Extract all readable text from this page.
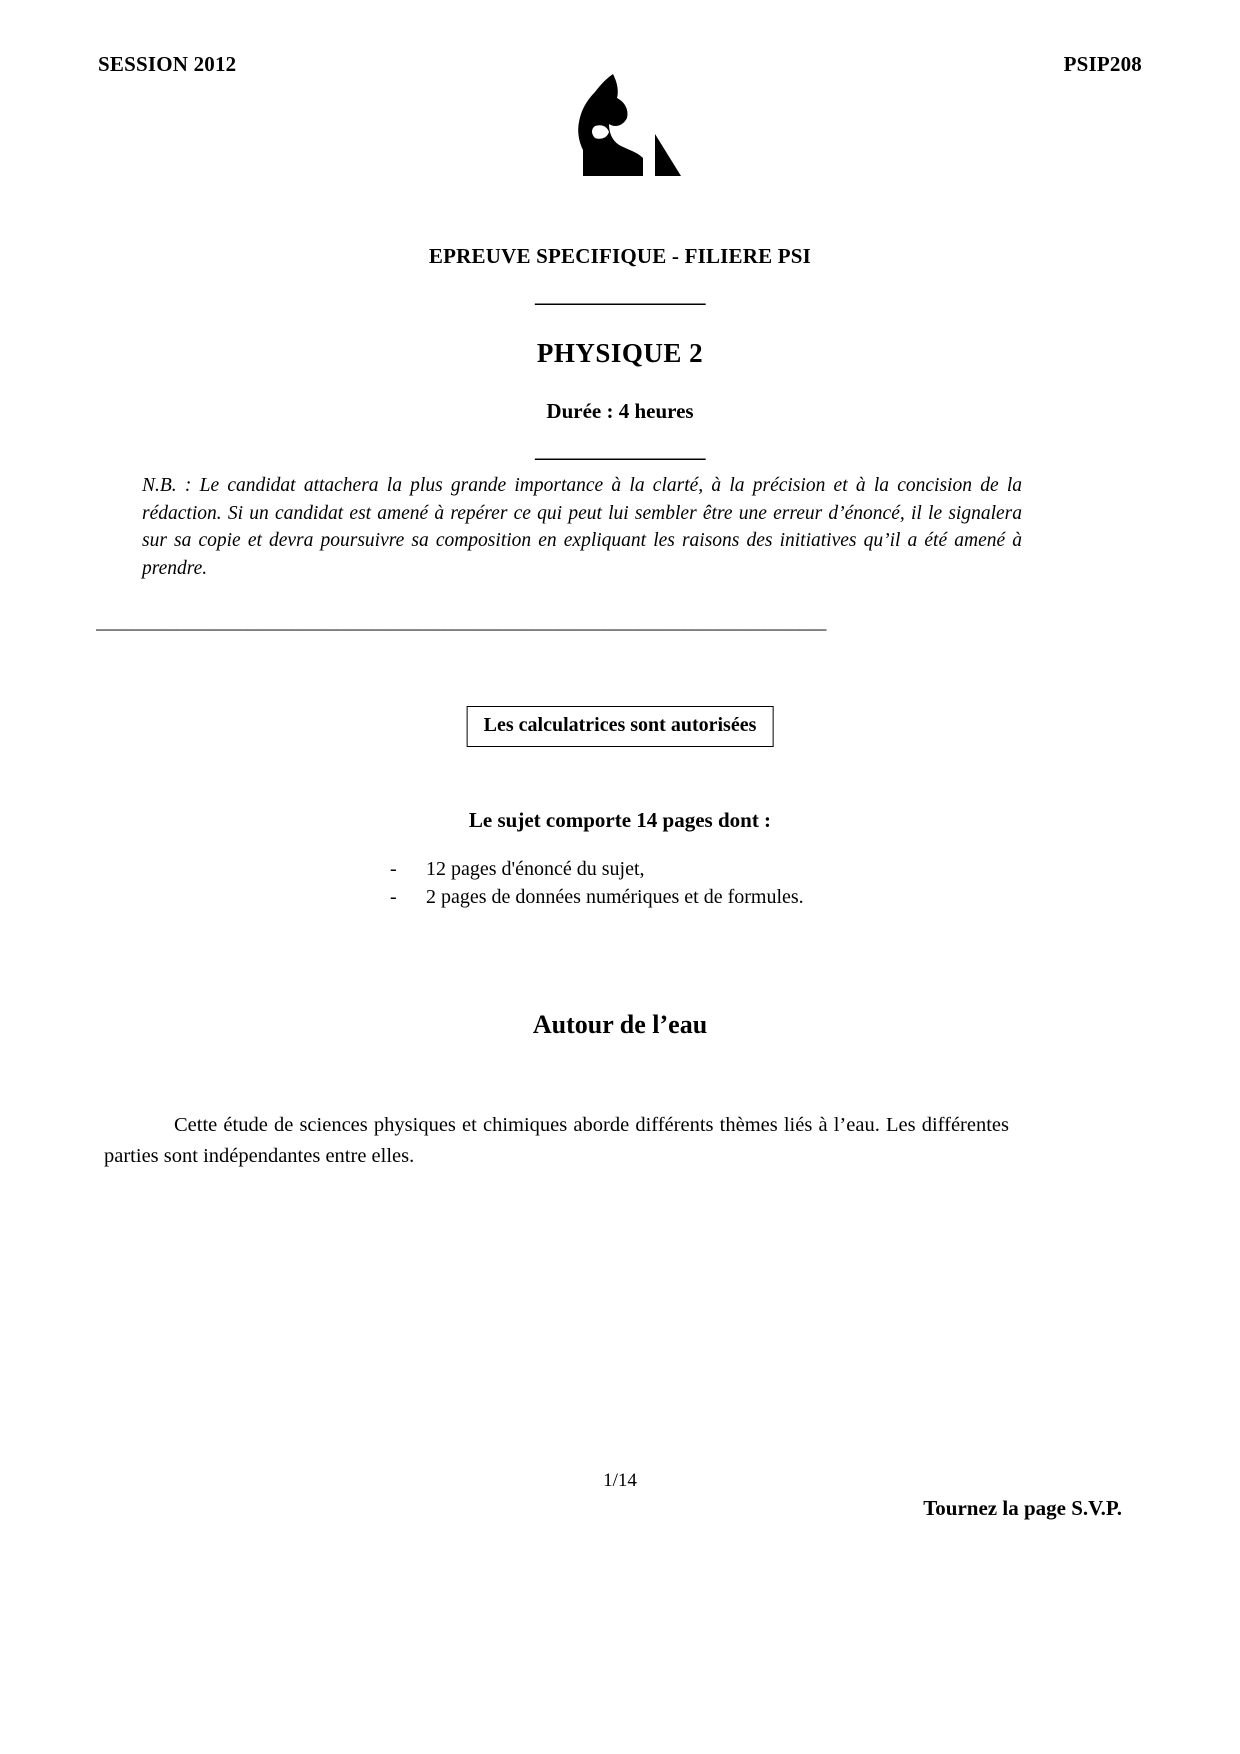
SESSION 2012	PSIP208
EPREUVE SPECIFIQUE - FILIERE PSI
_________________
PHYSIQUE 2
Durée : 4 heures
_________________
N.B. : Le candidat attachera la plus grande importance à la clarté, à la précision et à la concision de la rédaction. Si un candidat est amené à repérer ce qui peut lui sembler être une erreur d’énoncé, il le signalera sur sa copie et devra poursuivre sa composition en expliquant les raisons des initiatives qu’il a été amené à prendre.
__________________________________________________________________________________
Les calculatrices sont autorisées
Le sujet comporte 14 pages dont :
-	12 pages d'énoncé du sujet,
-	2 pages de données numériques et de formules.
Autour de l’eau
Cette étude de sciences physiques et chimiques aborde différents thèmes liés à l’eau. Les différentes parties sont indépendantes entre elles.
1/14
Tournez la page S.V.P.
